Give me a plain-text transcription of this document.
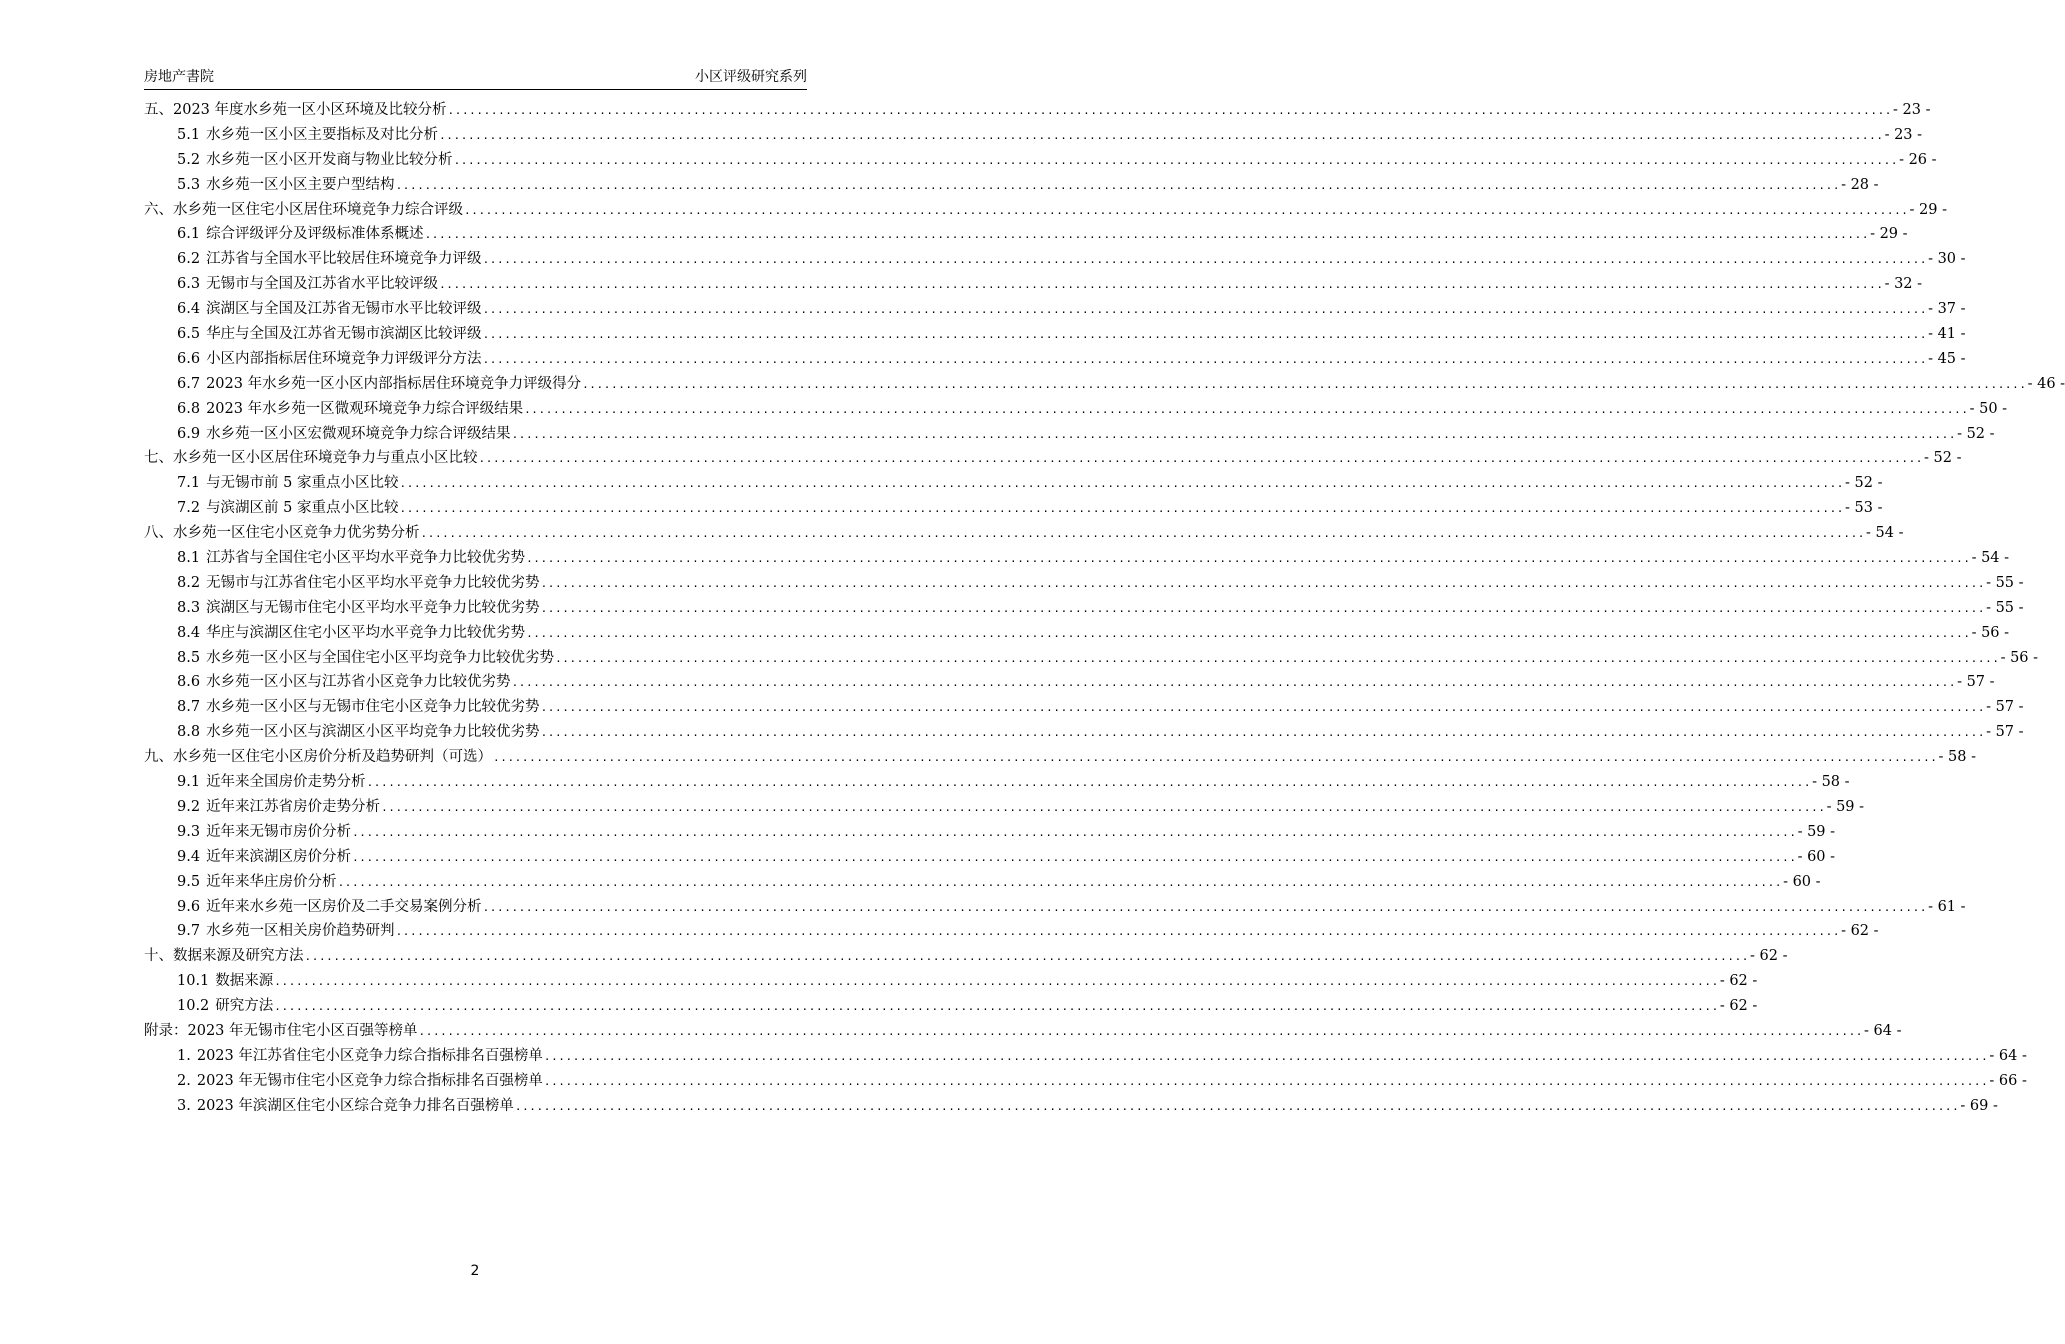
房地产書院	小区评级研究系列
五、2023 年度水乡苑一区小区环境及比较分析 ........................................................................................................................................................................................................ - 23 -
5.1 水乡苑一区小区主要指标及对比分析 ........................................................................................................................................................................................................ - 23 -
5.2 水乡苑一区小区开发商与物业比较分析 ........................................................................................................................................................................................................ - 26 -
5.3 水乡苑一区小区主要户型结构 ........................................................................................................................................................................................................ - 28 -
六、水乡苑一区住宅小区居住环境竞争力综合评级 ........................................................................................................................................................................................................ - 29 -
6.1 综合评级评分及评级标准体系概述 ........................................................................................................................................................................................................ - 29 -
6.2 江苏省与全国水平比较居住环境竞争力评级 ........................................................................................................................................................................................................ - 30 -
6.3 无锡市与全国及江苏省水平比较评级 ........................................................................................................................................................................................................ - 32 -
6.4 滨湖区与全国及江苏省无锡市水平比较评级 ........................................................................................................................................................................................................ - 37 -
6.5 华庄与全国及江苏省无锡市滨湖区比较评级 ........................................................................................................................................................................................................ - 41 -
6.6 小区内部指标居住环境竞争力评级评分方法 ........................................................................................................................................................................................................ - 45 -
6.7 2023 年水乡苑一区小区内部指标居住环境竞争力评级得分 ........................................................................................................................................................................................................ - 46 -
6.8 2023 年水乡苑一区微观环境竞争力综合评级结果 ........................................................................................................................................................................................................ - 50 -
6.9 水乡苑一区小区宏微观环境竞争力综合评级结果 ........................................................................................................................................................................................................ - 52 -
七、水乡苑一区小区居住环境竞争力与重点小区比较 ........................................................................................................................................................................................................ - 52 -
7.1 与无锡市前 5 家重点小区比较 ........................................................................................................................................................................................................ - 52 -
7.2 与滨湖区前 5 家重点小区比较 ........................................................................................................................................................................................................ - 53 -
八、水乡苑一区住宅小区竞争力优劣势分析 ........................................................................................................................................................................................................ - 54 -
8.1 江苏省与全国住宅小区平均水平竞争力比较优劣势 ........................................................................................................................................................................................................ - 54 -
8.2 无锡市与江苏省住宅小区平均水平竞争力比较优劣势 ........................................................................................................................................................................................................ - 55 -
8.3 滨湖区与无锡市住宅小区平均水平竞争力比较优劣势 ........................................................................................................................................................................................................ - 55 -
8.4 华庄与滨湖区住宅小区平均水平竞争力比较优劣势 ........................................................................................................................................................................................................ - 56 -
8.5 水乡苑一区小区与全国住宅小区平均竞争力比较优劣势 ........................................................................................................................................................................................................ - 56 -
8.6 水乡苑一区小区与江苏省小区竞争力比较优劣势 ........................................................................................................................................................................................................ - 57 -
8.7 水乡苑一区小区与无锡市住宅小区竞争力比较优劣势 ........................................................................................................................................................................................................ - 57 -
8.8 水乡苑一区小区与滨湖区小区平均竞争力比较优劣势 ........................................................................................................................................................................................................ - 57 -
九、水乡苑一区住宅小区房价分析及趋势研判（可选） ........................................................................................................................................................................................................ - 58 -
9.1 近年来全国房价走势分析 ........................................................................................................................................................................................................ - 58 -
9.2 近年来江苏省房价走势分析 ........................................................................................................................................................................................................ - 59 -
9.3 近年来无锡市房价分析 ........................................................................................................................................................................................................ - 59 -
9.4 近年来滨湖区房价分析 ........................................................................................................................................................................................................ - 60 -
9.5 近年来华庄房价分析 ........................................................................................................................................................................................................ - 60 -
9.6 近年来水乡苑一区房价及二手交易案例分析 ........................................................................................................................................................................................................ - 61 -
9.7 水乡苑一区相关房价趋势研判 ........................................................................................................................................................................................................ - 62 -
十、数据来源及研究方法 ........................................................................................................................................................................................................ - 62 -
10.1 数据来源 ........................................................................................................................................................................................................ - 62 -
10.2 研究方法 ........................................................................................................................................................................................................ - 62 -
附录：2023 年无锡市住宅小区百强等榜单 ........................................................................................................................................................................................................ - 64 -
1. 2023 年江苏省住宅小区竞争力综合指标排名百强榜单 ........................................................................................................................................................................................................ - 64 -
2. 2023 年无锡市住宅小区竞争力综合指标排名百强榜单 ........................................................................................................................................................................................................ - 66 -
3. 2023 年滨湖区住宅小区综合竞争力排名百强榜单 ........................................................................................................................................................................................................ - 69 -
2
